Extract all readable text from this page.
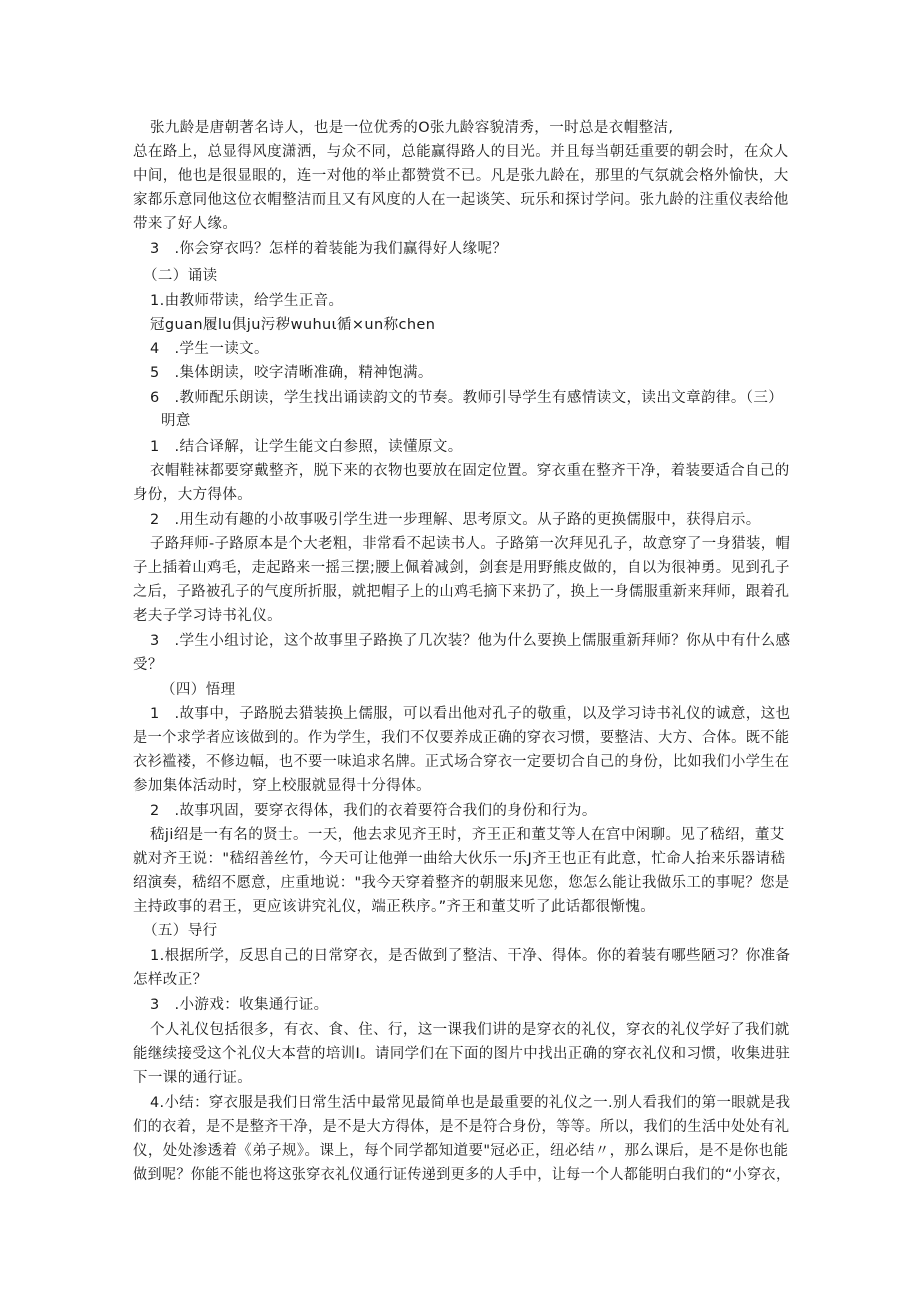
张九龄是唐朝著名诗人，也是一位优秀的O张九龄容貌清秀，一时总是衣帽整洁,
总在路上，总显得风度潇洒，与众不同，总能赢得路人的目光。并且每当朝廷重要的朝会时，在众人
中间，他也是很显眼的，连一对他的举止都赞赏不已。凡是张九龄在，那里的气氛就会格外愉快，大
家都乐意同他这位衣帽整洁而且又有风度的人在一起谈笑、玩乐和探讨学问。张九龄的注重仪表给他
带来了好人缘。
3　.你会穿衣吗？怎样的着装能为我们赢得好人缘呢？
（二）诵读
1.由教师带读，给学生正音。
冠guan履lu俱ju污秽wuhuι循×un称chen
4　.学生一读文。
5　.集体朗读，咬字清晰准确，精神饱满。
6　.教师配乐朗读，学生找出诵读韵文的节奏。教师引导学生有感情读文，读出文章韵律。（三）
明意
1　.结合译解，让学生能文白参照，读懂原文。
衣帽鞋袜都要穿戴整齐，脱下来的衣物也要放在固定位置。穿衣重在整齐干净，着装要适合自己的
身份，大方得体。
2　.用生动有趣的小故事吸引学生进一步理解、思考原文。从子路的更换儒服中，获得启示。
子路拜师-子路原本是个大老粗，非常看不起读书人。子路第一次拜见孔子，故意穿了一身猎装，帽
子上插着山鸡毛，走起路来一摇三摆;腰上佩着减剑，剑套是用野熊皮做的，自以为很神勇。见到孔子
之后，子路被孔子的气度所折服，就把帽子上的山鸡毛摘下来扔了，换上一身儒服重新来拜师，跟着孔
老夫子学习诗书礼仪。
3　.学生小组讨论，这个故事里子路换了几次装？他为什么要换上儒服重新拜师？你从中有什么感
受？
（四）悟理
1　.故事中，子路脱去猎装换上儒服，可以看出他对孔子的敬重，以及学习诗书礼仪的诚意，这也
是一个求学者应该做到的。作为学生，我们不仅要养成正确的穿衣习惯，要整洁、大方、合体。既不能
衣衫褴褛，不修边幅，也不要一味追求名牌。正式场合穿衣一定要切合自己的身份，比如我们小学生在
参加集体活动时，穿上校服就显得十分得体。
2　.故事巩固，要穿衣得体，我们的衣着要符合我们的身份和行为。
嵇ji绍是一有名的贤士。一天，他去求见齐王时，齐王正和董艾等人在宫中闲聊。见了嵇绍，董艾
就对齐王说："嵇绍善丝竹，今天可让他弹一曲给大伙乐一乐J齐王也正有此意，忙命人抬来乐器请嵇
绍演奏，嵇绍不愿意，庄重地说："我今天穿着整齐的朝服来见您，您怎么能让我做乐工的事呢？您是
主持政事的君王，更应该讲究礼仪，端正秩序。”齐王和董艾听了此话都很惭愧。
（五）导行
1.根据所学，反思自己的日常穿衣，是否做到了整洁、干净、得体。你的着装有哪些陋习？你准备
怎样改正？
3　.小游戏：收集通行证。
个人礼仪包括很多，有衣、食、住、行，这一课我们讲的是穿衣的礼仪，穿衣的礼仪学好了我们就
能继续接受这个礼仪大本营的培训I。请同学们在下面的图片中找出正确的穿衣礼仪和习惯，收集进驻
下一课的通行证。
4.小结：穿衣服是我们日常生活中最常见最简单也是最重要的礼仪之一.别人看我们的第一眼就是我
们的衣着，是不是整齐干净，是不是大方得体，是不是符合身份，等等。所以，我们的生活中处处有礼
仪，处处渗透着《弟子规》。课上，每个同学都知道要"冠必正，纽必结〃，那么课后，是不是你也能
做到呢？你能不能也将这张穿衣礼仪通行证传递到更多的人手中，让每一个人都能明白我们的“小穿衣，
